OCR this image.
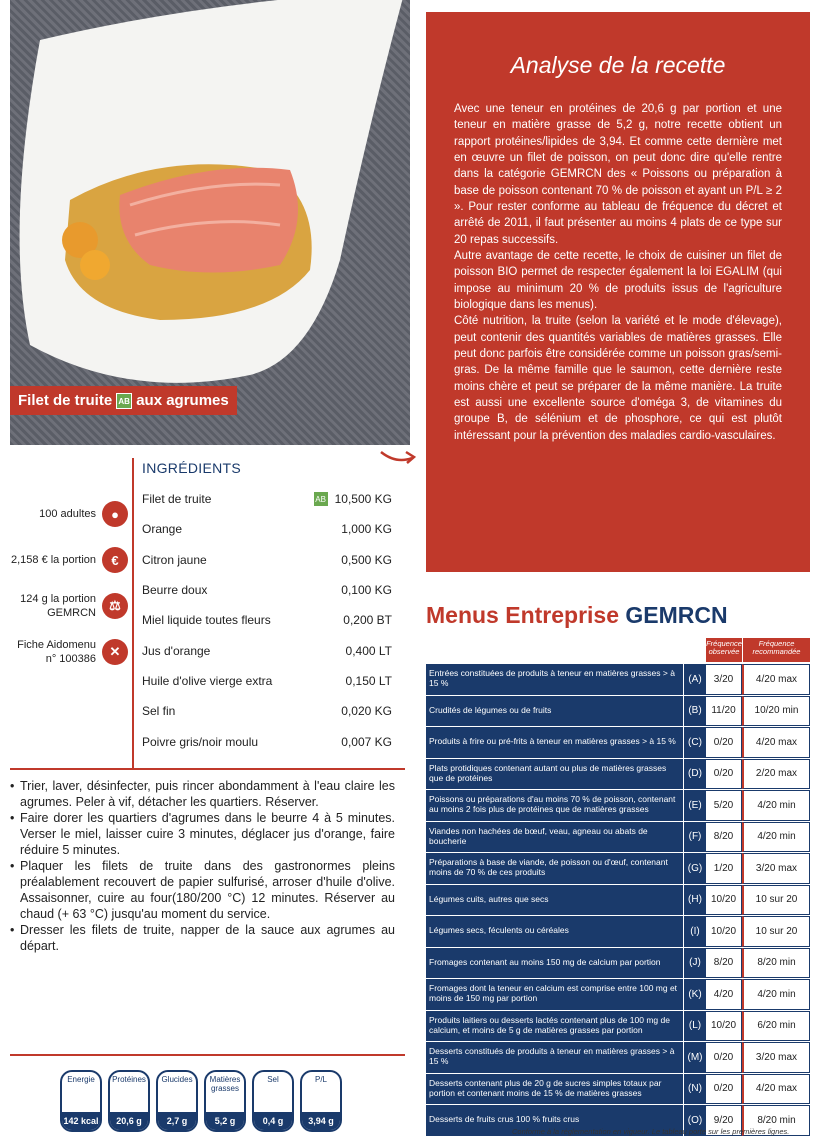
Filet de truite AB aux agrumes
Analyse de la recette

Avec une teneur en protéines de 20,6 g par portion et une teneur en matière grasse de 5,2 g, notre recette obtient un rapport protéines/lipides de 3,94. Et comme cette dernière met en œuvre un filet de poisson, on peut donc dire qu'elle rentre dans la catégorie GEMRCN des « Poissons ou préparation à base de poisson contenant 70 % de poisson et ayant un P/L ≥ 2 ». Pour rester conforme au tableau de fréquence du décret et arrêté de 2011, il faut présenter au moins 4 plats de ce type sur 20 repas successifs.
Autre avantage de cette recette, le choix de cuisiner un filet de poisson BIO permet de respecter également la loi EGALIM (qui impose au minimum 20 % de produits issus de l'agriculture biologique dans les menus).
Côté nutrition, la truite (selon la variété et le mode d'élevage), peut contenir des quantités variables de matières grasses. Elle peut donc parfois être considérée comme un poisson gras/semi-gras. De la même famille que le saumon, cette dernière reste moins chère et peut se préparer de la même manière. La truite est aussi une excellente source d'oméga 3, de vitamines du groupe B, de sélénium et de phosphore, ce qui est plutôt intéressant pour la prévention des maladies cardio-vasculaires.

100 adultes	●
2,158 € la portion	€
124 g la portion GEMRCN	⚖
Fiche Aidomenu n° 100386	✕
INGRÉDIENTS
Filet de truite	AB 10,500 KG
Orange	1,000 KG
Citron jaune	0,500 KG
Beurre doux	0,100 KG
Miel liquide toutes fleurs	0,200 BT
Jus d'orange	0,400 LT
Huile d'olive vierge extra	0,150 LT
Sel fin	0,020 KG
Poivre gris/noir moulu	0,007 KG
• Trier, laver, désinfecter, puis rincer abondamment à l'eau claire les agrumes. Peler à vif, détacher les quartiers. Réserver.
• Faire dorer les quartiers d'agrumes dans le beurre 4 à 5 minutes. Verser le miel, laisser cuire 3 minutes, déglacer jus d'orange, faire réduire 5 minutes.
• Plaquer les filets de truite dans des gastronormes pleins préalablement recouvert de papier sulfurisé, arroser d'huile d'olive. Assaisonner, cuire au four(180/200 °C) 12 minutes. Réserver au chaud (+ 63 °C) jusqu'au moment du service.
• Dresser les filets de truite, napper de la sauce aux agrumes au départ.
Energie
142 kcal
Protéines
20,6 g
Glucides
2,7 g
Matières grasses
5,2 g
Sel
0,4 g
P/L
3,94 g
Menus Entreprise GEMRCN
Fréquence observée
Fréquence recommandée
Entrées constituées de produits à teneur en matières grasses > à 15 %	(A)	3/20	4/20 max
Crudités de légumes ou de fruits	(B) 11/20	10/20 min
Produits à frire ou pré-frits à teneur en matières grasses > à 15 %	(C)	0/20	4/20 max
Plats protidiques contenant autant ou plus de matières grasses que de protéines	(D)	0/20	2/20 max
Poissons ou préparations d'au moins 70 % de poisson, contenant au moins 2 fois plus de protéines que de matières grasses	(E)	5/20	4/20 min
Viandes non hachées de bœuf, veau, agneau ou abats de boucherie	(F)	8/20	4/20 min
Préparations à base de viande, de poisson ou d'œuf, contenant moins de 70 % de ces produits	(G)	1/20	3/20 max
Légumes cuits, autres que secs	(H) 10/20	10 sur 20
Légumes secs, féculents ou céréales	(I)	10/20	10 sur 20
Fromages contenant au moins 150 mg de calcium par portion	(J)	8/20	8/20 min
Fromages dont la teneur en calcium est comprise entre 100 mg et moins de 150 mg par portion	(K)	4/20	4/20 min
Produits laitiers ou desserts lactés contenant plus de 100 mg de calcium, et moins de 5 g de matières grasses par portion	(L) 10/20	6/20 min
Desserts constitués de produits à teneur en matières grasses > à 15 %	(M)	0/20	3/20 max
Desserts contenant plus de 20 g de sucres simples totaux par portion et contenant moins de 15 % de matières grasses	(N)	0/20	4/20 max
Desserts de fruits crus 100 % fruits crus	(O)	9/20	8/20 min
Conforme à la réglementation en vigueur. Le tableau porte sur les premières lignes.
